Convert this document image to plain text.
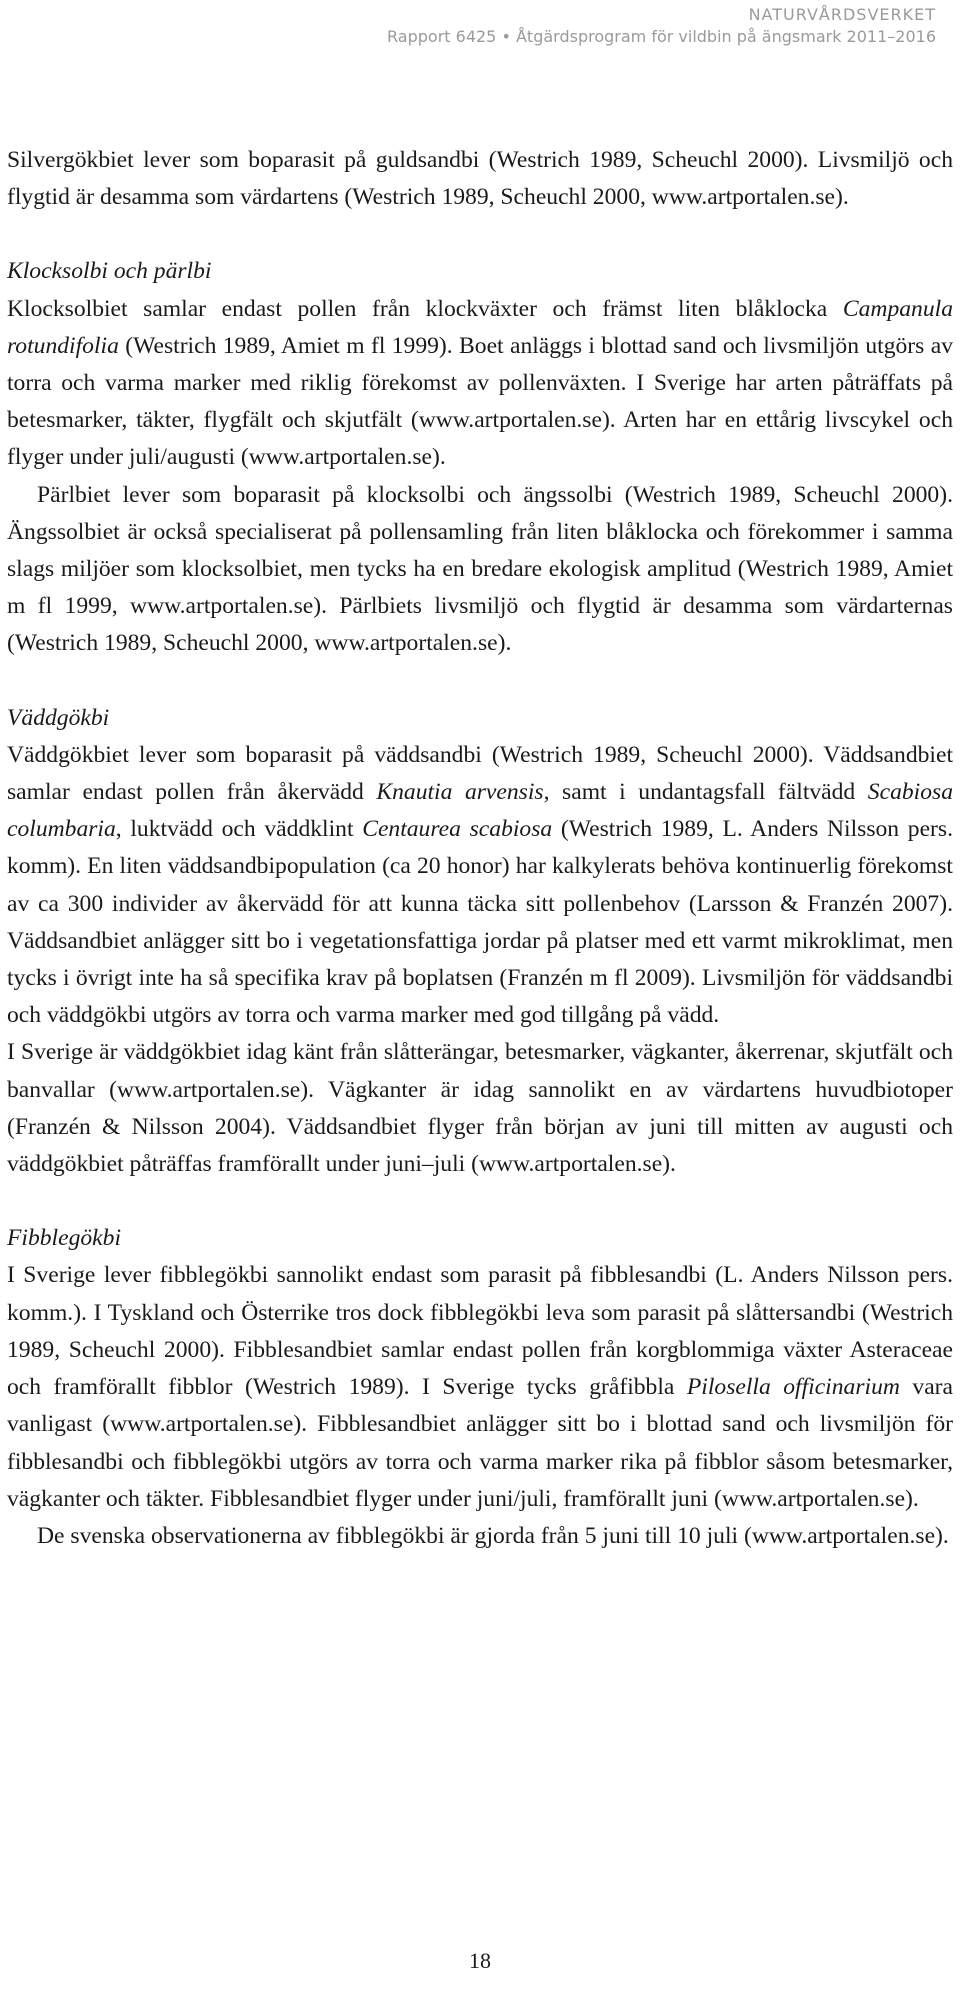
NATURVÅRDSVERKET
Rapport 6425 • Åtgärdsprogram för vildbin på ängsmark 2011–2016

Silvergökbiet lever som boparasit på guldsandbi (Westrich 1989, Scheuchl 2000). Livsmiljö och flygtid är desamma som värdartens (Westrich 1989, Scheuchl 2000, www.artportalen.se).

Klocksolbi och pärlbi

Klocksolbiet samlar endast pollen från klockväxter och främst liten blåklocka Campanula rotundifolia (Westrich 1989, Amiet m fl 1999). Boet anläggs i blottad sand och livsmiljön utgörs av torra och varma marker med riklig förekomst av pollenväxten. I Sverige har arten påträffats på betesmarker, täkter, flygfält och skjutfält (www.artportalen.se). Arten har en ettårig livscykel och flyger under juli/augusti (www.artportalen.se).

Pärlbiet lever som boparasit på klocksolbi och ängssolbi (Westrich 1989, Scheuchl 2000). Ängssolbiet är också specialiserat på pollensamling från liten blåklocka och förekommer i samma slags miljöer som klocksolbiet, men tycks ha en bredare ekologisk amplitud (Westrich 1989, Amiet m fl 1999, www.artportalen.se). Pärlbiets livsmiljö och flygtid är desamma som värdarternas (Westrich 1989, Scheuchl 2000, www.artportalen.se).

Väddgökbi

Väddgökbiet lever som boparasit på väddsandbi (Westrich 1989, Scheuchl 2000). Väddsandbiet samlar endast pollen från åkervädd Knautia arvensis, samt i undantagsfall fältvädd Scabiosa columbaria, luktvädd och väddklint Centaurea scabiosa (Westrich 1989, L. Anders Nilsson pers. komm). En liten väddsandbipopulation (ca 20 honor) har kalkylerats behöva kontinuerlig förekomst av ca 300 individer av åkervädd för att kunna täcka sitt pollenbehov (Larsson & Franzén 2007). Väddsandbiet anlägger sitt bo i vegetationsfattiga jordar på platser med ett varmt mikroklimat, men tycks i övrigt inte ha så specifika krav på boplatsen (Franzén m fl 2009). Livsmiljön för väddsandbi och väddgökbi utgörs av torra och varma marker med god tillgång på vädd.

I Sverige är väddgökbiet idag känt från slåtterängar, betesmarker, vägkanter, åkerrenar, skjutfält och banvallar (www.artportalen.se). Vägkanter är idag sannolikt en av värdartens huvudbiotoper (Franzén & Nilsson 2004). Väddsandbiet flyger från början av juni till mitten av augusti och väddgökbiet påträffas framförallt under juni–juli (www.artportalen.se).

Fibblegökbi

I Sverige lever fibblegökbi sannolikt endast som parasit på fibblesandbi (L. Anders Nilsson pers. komm.). I Tyskland och Österrike tros dock fibblegökbi leva som parasit på slåttersandbi (Westrich 1989, Scheuchl 2000). Fibblesandbiet samlar endast pollen från korgblommiga växter Asteraceae och framförallt fibblor (Westrich 1989). I Sverige tycks gråfibbla Pilosella officinarium vara vanligast (www.artportalen.se). Fibblesandbiet anlägger sitt bo i blottad sand och livsmiljön för fibblesandbi och fibblegökbi utgörs av torra och varma marker rika på fibblor såsom betesmarker, vägkanter och täkter. Fibblesandbiet flyger under juni/juli, framförallt juni (www.artportalen.se).

De svenska observationerna av fibblegökbi är gjorda från 5 juni till 10 juli (www.artportalen.se).

18
